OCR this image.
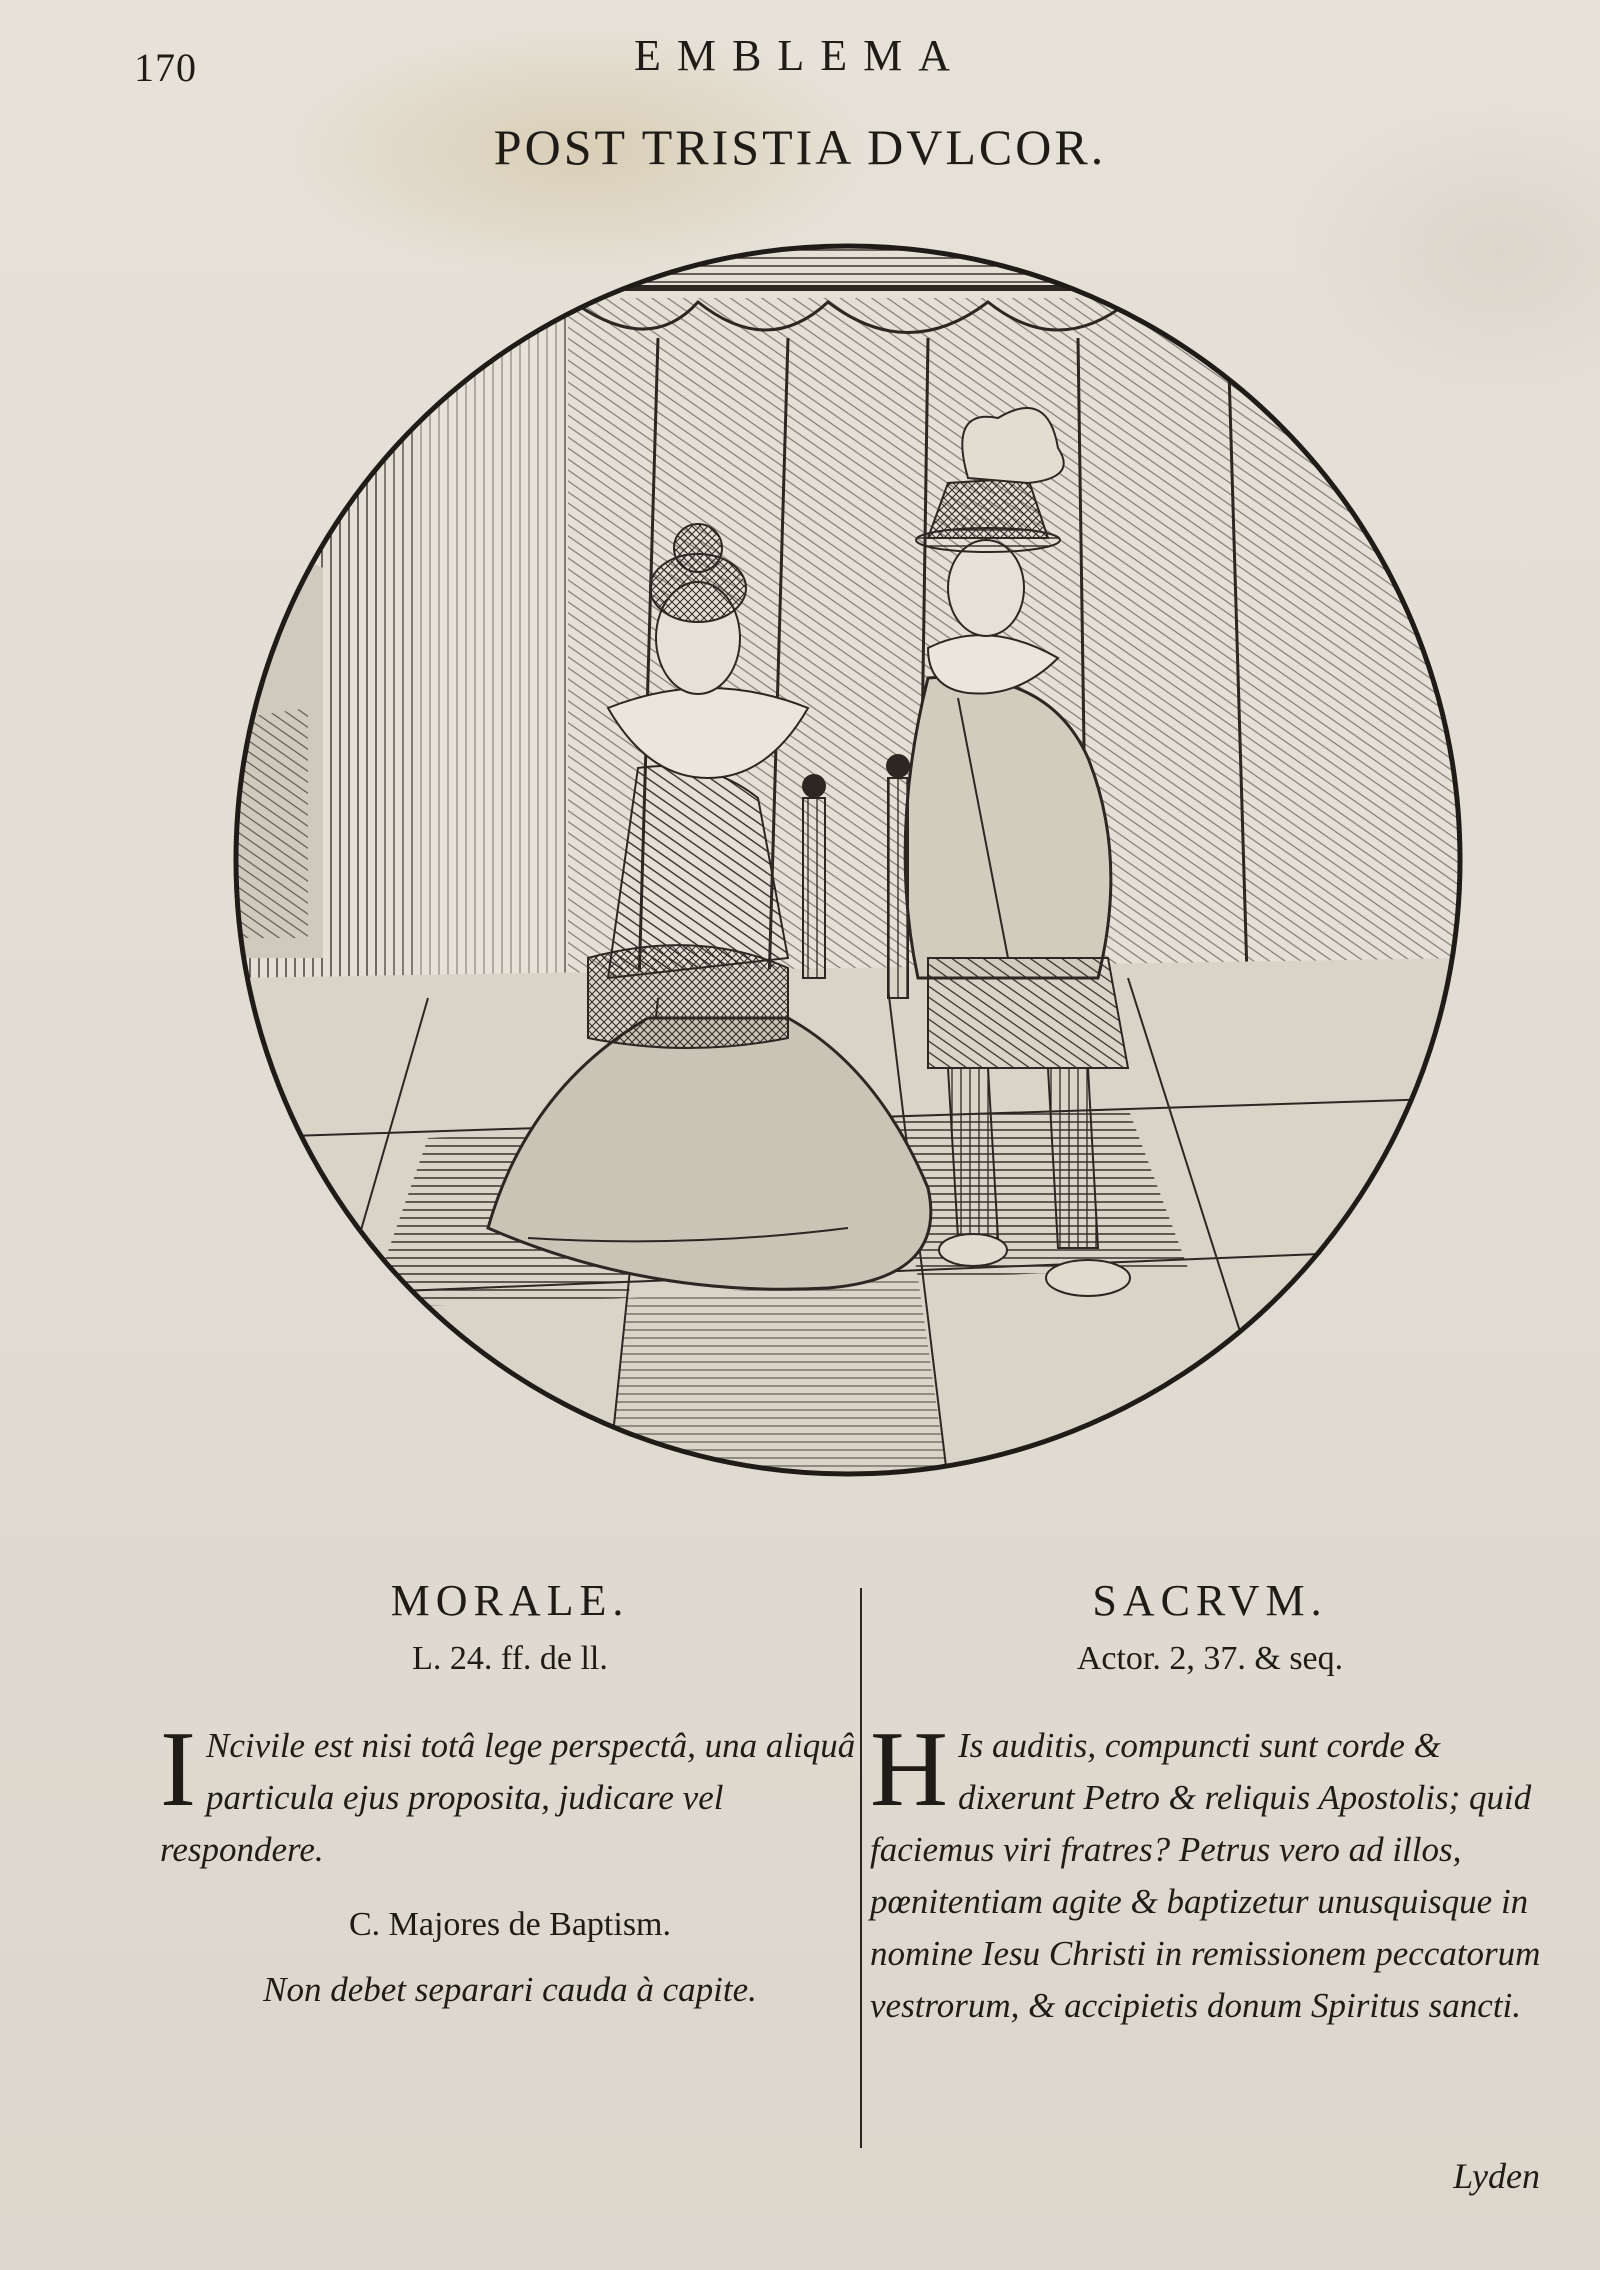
170	EMBLEMA
POST TRISTIA DVLCOR.
MORALE.
L. 24. ff. de ll.
I Ncivile est nisi totâ lege perspectâ, una aliquâ particula ejus proposita, judicare vel respondere.
C. Majores de Baptism.
Non debet separari cauda à capite.
SACRVM.
Actor. 2, 37. & seq.
H Is auditis, compuncti sunt corde & dixerunt Petro & reliquis Apostolis; quid faciemus viri fratres? Petrus vero ad illos, pœnitentiam agite & baptizetur unusquisque in nomine Iesu Christi in remissionem peccatorum vestrorum, & accipietis donum Spiritus sancti.
Lyden
